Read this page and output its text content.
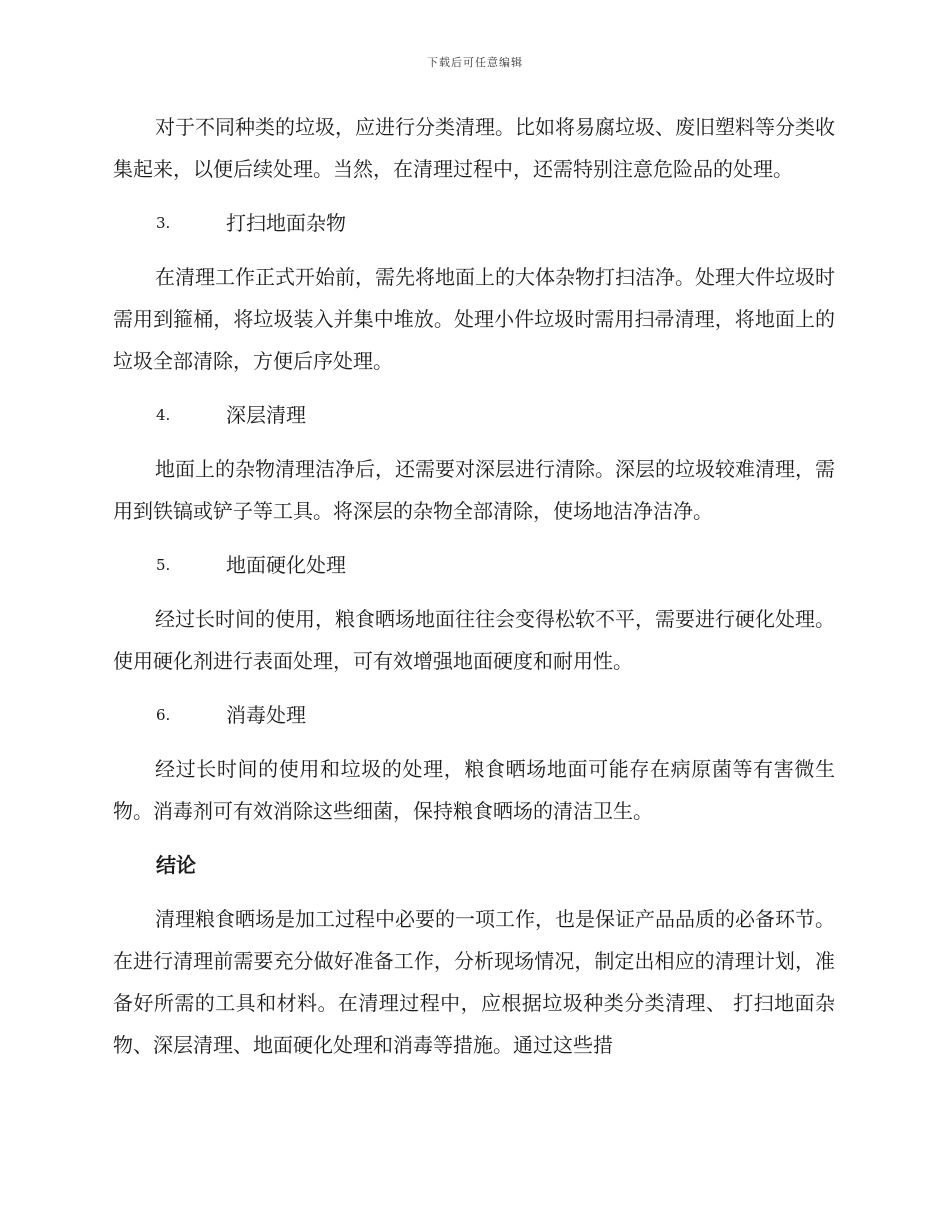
下载后可任意编辑

对于不同种类的垃圾，应进行分类清理。比如将易腐垃圾、废旧塑料等分类收集起来，以便后续处理。当然，在清理过程中，还需特别注意危险品的处理。

3.	打扫地面杂物

在清理工作正式开始前，需先将地面上的大体杂物打扫洁净。处理大件垃圾时需用到箍桶，将垃圾装入并集中堆放。处理小件垃圾时需用扫帚清理，将地面上的垃圾全部清除，方便后序处理。

4.	深层清理

地面上的杂物清理洁净后，还需要对深层进行清除。深层的垃圾较难清理，需用到铁镐或铲子等工具。将深层的杂物全部清除，使场地洁净洁净。

5.	地面硬化处理

经过长时间的使用，粮食晒场地面往往会变得松软不平，需要进行硬化处理。使用硬化剂进行表面处理，可有效增强地面硬度和耐用性。

6.	消毒处理

经过长时间的使用和垃圾的处理，粮食晒场地面可能存在病原菌等有害微生物。消毒剂可有效消除这些细菌，保持粮食晒场的清洁卫生。

结论

清理粮食晒场是加工过程中必要的一项工作，也是保证产品品质的必备环节。在进行清理前需要充分做好准备工作，分析现场情况，制定出相应的清理计划，准备好所需的工具和材料。在清理过程中，应根据垃圾种类分类清理、 打扫地面杂物、深层清理、地面硬化处理和消毒等措施。通过这些措
